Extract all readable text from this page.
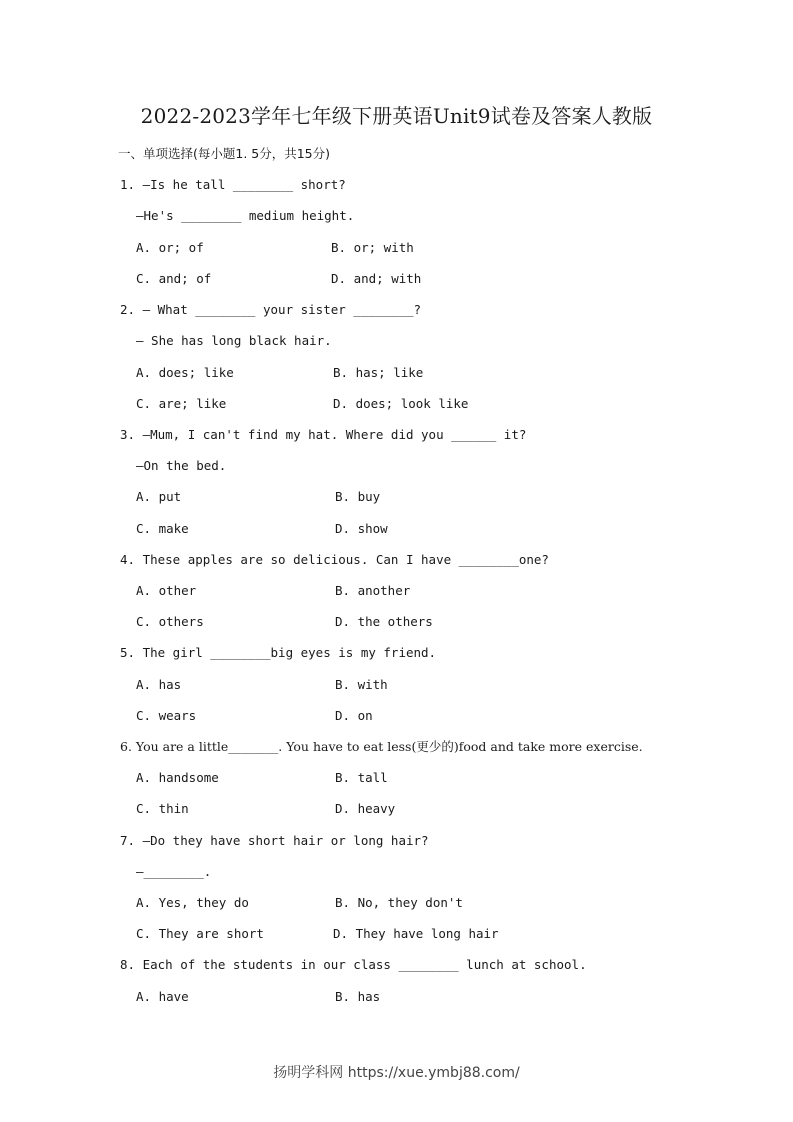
2022-2023学年七年级下册英语Unit9试卷及答案人教版
一、单项选择(每小题1. 5分，共15分)
1. —Is he tall ________ short?
—He's ________ medium height.
A. or; of	B. or; with
C. and; of	D. and; with
2. — What ________ your sister ________?
— She has long black hair.
A. does; like	B. has; like
C. are; like	D. does; look like
3. —Mum, I can't find my hat. Where did you ______ it?
—On the bed.
A. put	B. buy
C. make	D. show
4. These apples are so delicious. Can I have ________one?
A. other	B. another
C. others	D. the others
5. The girl ________big eyes is my friend.
A. has	B. with
C. wears	D. on
6. You are a little________. You have to eat less(更少的)food and take more exercise.
A. handsome	B. tall
C. thin	D. heavy
7. —Do they have short hair or long hair?
—________.
A. Yes, they do	B. No, they don't
C. They are short	D. They have long hair
8. Each of the students in our class ________ lunch at school.
A. have	B. has
扬明学科网 https://xue.ymbj88.com/
